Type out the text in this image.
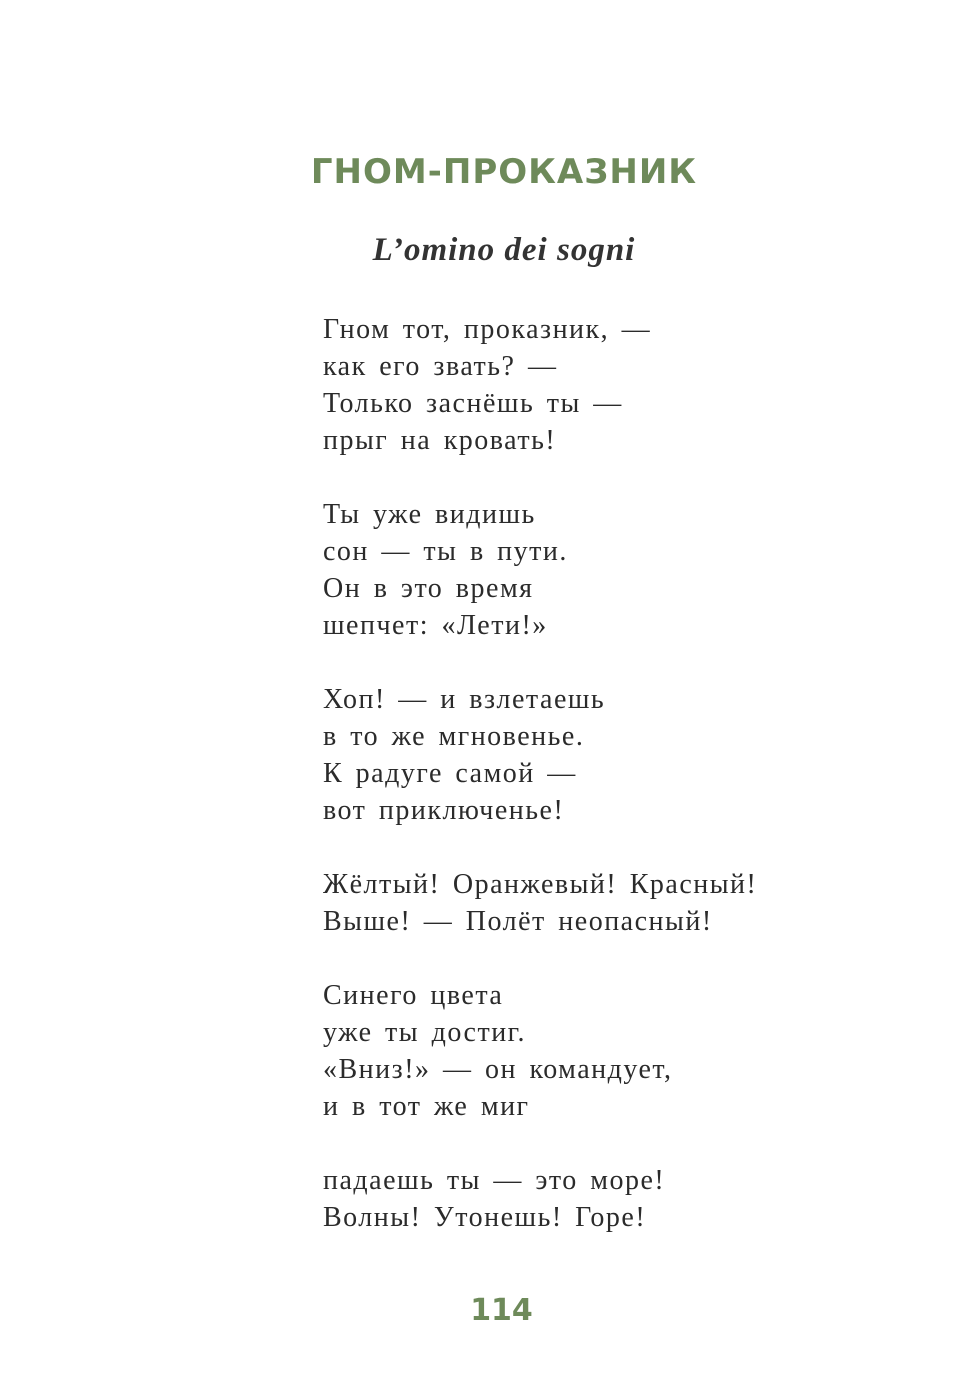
ГНОМ-ПРОКАЗНИК
L’omino dei sogni
Гном тот, проказник, —
как его звать? —
Только заснёшь ты —
прыг на кровать!
Ты уже видишь
сон — ты в пути.
Он в это время
шепчет: «Лети!»
Хоп! — и взлетаешь
в то же мгновенье.
К радуге самой —
вот приключенье!
Жёлтый! Оранжевый! Красный!
Выше! — Полёт неопасный!
Синего цвета
уже ты достиг.
«Вниз!» — он командует,
и в тот же миг
падаешь ты — это море!
Волны! Утонешь! Горе!
114
